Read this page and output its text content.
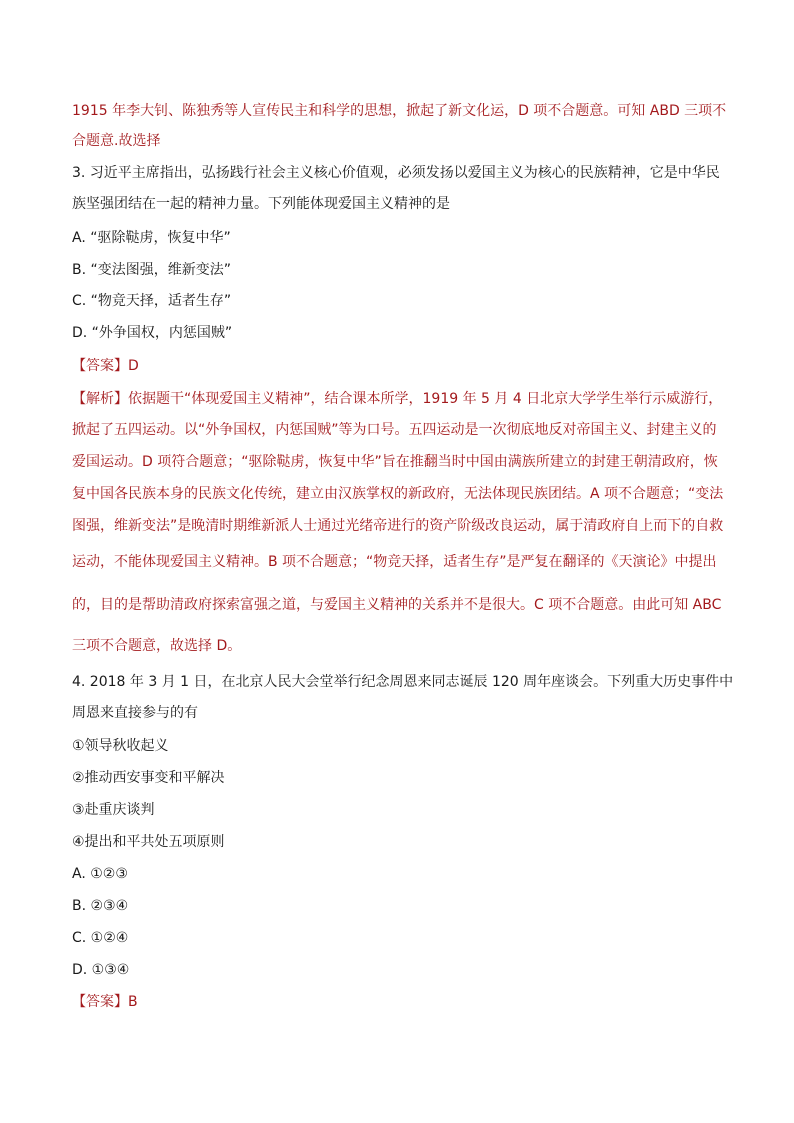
1915 年李大钊、陈独秀等人宣传民主和科学的思想，掀起了新文化运，D 项不合题意。可知 ABD 三项不
合题意.故选择
3. 习近平主席指出，弘扬践行社会主义核心价值观，必须发扬以爱国主义为核心的民族精神，它是中华民
族坚强团结在一起的精神力量。下列能体现爱国主义精神的是
A. “驱除鞑虏，恢复中华”
B. “变法图强，维新变法”
C. “物竞天择，适者生存”
D. “外争国权，内惩国贼”
【答案】D
【解析】依据题干“体现爱国主义精神”，结合课本所学，1919 年 5 月 4 日北京大学学生举行示威游行，
掀起了五四运动。以“外争国权，内惩国贼”等为口号。五四运动是一次彻底地反对帝国主义、封建主义的
爱国运动。D 项符合题意；“驱除鞑虏，恢复中华”旨在推翻当时中国由满族所建立的封建王朝清政府，恢
复中国各民族本身的民族文化传统，建立由汉族掌权的新政府，无法体现民族团结。A 项不合题意；“变法
图强，维新变法”是晚清时期维新派人士通过光绪帝进行的资产阶级改良运动，属于清政府自上而下的自救
运动，不能体现爱国主义精神。B 项不合题意；“物竞天择，适者生存”是严复在翻译的《天演论》中提出
的，目的是帮助清政府探索富强之道，与爱国主义精神的关系并不是很大。C 项不合题意。由此可知 ABC
三项不合题意，故选择 D。
4. 2018 年 3 月 1 日，在北京人民大会堂举行纪念周恩来同志诞辰 120 周年座谈会。下列重大历史事件中
周恩来直接参与的有
①领导秋收起义
②推动西安事变和平解决
③赴重庆谈判
④提出和平共处五项原则
A. ①②③
B. ②③④
C. ①②④
D. ①③④
【答案】B
